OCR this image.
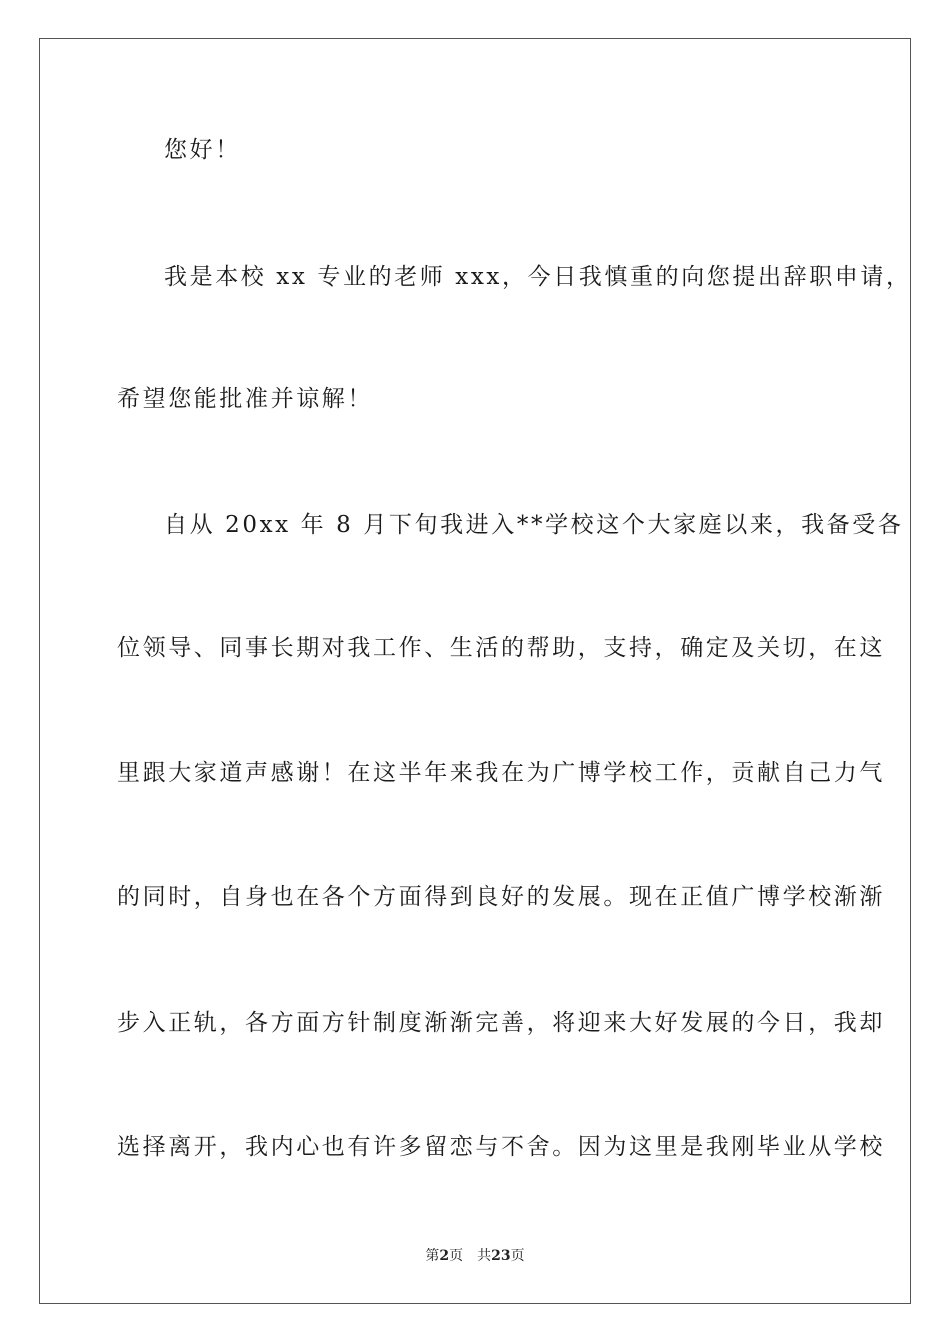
您好！
我是本校 xx 专业的老师 xxx，今日我慎重的向您提出辞职申请，
希望您能批准并谅解！
自从 20xx 年 8 月下旬我进入**学校这个大家庭以来，我备受各
位领导、同事长期对我工作、生活的帮助，支持，确定及关切，在这
里跟大家道声感谢！在这半年来我在为广博学校工作，贡献自己力气
的同时，自身也在各个方面得到良好的发展。现在正值广博学校渐渐
步入正轨，各方面方针制度渐渐完善，将迎来大好发展的今日，我却
选择离开，我内心也有许多留恋与不舍。因为这里是我刚毕业从学校
第2页 共23页
